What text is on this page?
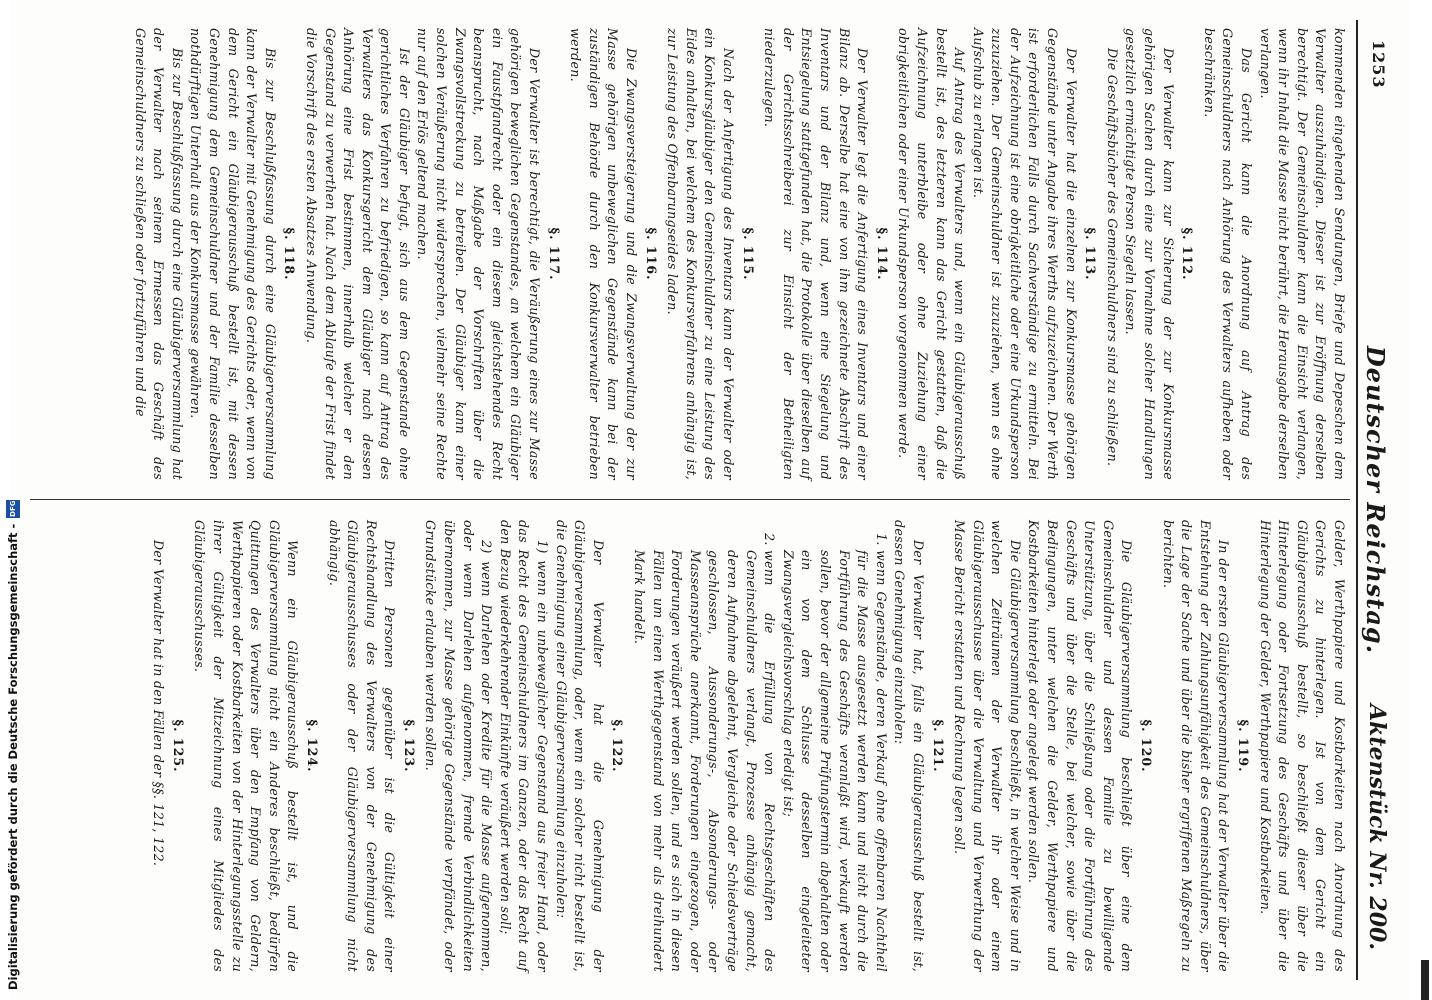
1253
Deutscher Reichstag.
Aktenstück Nr. 200.

kommenden eingehenden Sendungen, Briefe und Depeschen dem Verwalter auszuhändigen. Dieser ist zur Eröffnung derselben berechtigt. Der Gemeinschuldner kann die Einsicht verlangen, wenn ihr Inhalt die Masse nicht berührt, die Herausgabe derselben verlangen.

Das Gericht kann die Anordnung auf Antrag des Gemeinschuldners nach Anhörung des Verwalters aufheben oder beschränken.

§. 112.

Der Verwalter kann zur Sicherung der zur Konkursmasse gehörigen Sachen durch eine zur Vornahme solcher Handlungen gesetzlich ermächtigte Person Siegeln lassen.

Die Geschäftsbücher des Gemeinschuldners sind zu schließen.

§. 113.

Der Verwalter hat die einzelnen zur Konkursmasse gehörigen Gegenstände unter Angabe ihres Werths aufzuzeichnen. Der Werth ist erforderlichen Falls durch Sachverständige zu ermitteln. Bei der Aufzeichnung ist eine obrigkeitliche oder eine Urkundsperson zuzuziehen. Der Gemeinschuldner ist zuzuziehen, wenn es ohne Aufschub zu erlangen ist.

Auf Antrag des Verwalters und, wenn ein Gläubigerausschuß bestellt ist, des letzteren kann das Gericht gestatten, daß die Aufzeichnung unterbleibe oder ohne Zuziehung einer obrigkeitlichen oder einer Urkundsperson vorgenommen werde.

§. 114.

Der Verwalter legt die Anfertigung eines Inventars und einer Bilanz ab. Derselbe hat eine von ihm gezeichnete Abschrift des Inventars und der Bilanz und, wenn eine Siegelung und Entsiegelung stattgefunden hat, die Protokolle über dieselben auf der Gerichtsschreiberei zur Einsicht der Betheiligten niederzulegen.

§. 115.

Nach der Anfertigung des Inventars kann der Verwalter oder ein Konkursgläubiger den Gemeinschuldner zu eine Leistung des Eides anhalten, bei welchem des Konkursverfahrens anhängig ist, zur Leistung des Offenbarungseides laden.

§. 116.

Die Zwangsversteigerung und die Zwangsverwaltung der zur Masse gehörigen unbeweglichen Gegenstände kann bei der zuständigen Behörde durch den Konkursverwalter betrieben werden.

§. 117.

Der Verwalter ist berechtigt, die Veräußerung eines zur Masse gehörigen beweglichen Gegenstandes, an welchem ein Gläubiger ein Faustpfandrecht oder ein diesem gleichstehendes Recht beansprucht, nach Maßgabe der Vorschriften über die Zwangsvollstreckung zu betreiben. Der Gläubiger kann einer solchen Veräußerung nicht widersprechen, vielmehr seine Rechte nur auf den Erlös geltend machen.

Ist der Gläubiger befugt, sich aus dem Gegenstande ohne gerichtliches Verfahren zu befriedigen, so kann auf Antrag des Verwalters das Konkursgericht dem Gläubiger nach dessen Anhörung eine Frist bestimmen, innerhalb welcher er den Gegenstand zu verwerthen hat. Nach dem Ablaufe der Frist findet die Vorschrift des ersten Absatzes Anwendung.

§. 118.

Bis zur Beschlußfassung durch eine Gläubigerversammlung kann der Verwalter mit Genehmigung des Gerichts oder, wenn von dem Gericht ein Gläubigerausschuß bestellt ist, mit dessen Genehmigung dem Gemeinschuldner und der Familie desselben nothdürftigen Unterhalt aus der Konkursmasse gewähren.

Bis zur Beschlußfassung durch eine Gläubigerversammlung hat der Verwalter nach seinem Ermessen das Geschäft des Gemeinschuldners zu schließen oder fortzuführen und die

Gelder, Werthpapiere und Kostbarkeiten nach Anordnung des Gerichts zu hinterlegen. Ist von dem Gericht ein Gläubigerausschuß bestellt, so beschließt dieser über die Hinterlegung oder Fortsetzung des Geschäfts und über die Hinterlegung der Gelder, Werthpapiere und Kostbarkeiten.

§. 119.

In der ersten Gläubigerversammlung hat der Verwalter über die Entstehung der Zahlungsunfähigkeit des Gemeinschuldners, über die Lage der Sache und über die bisher ergriffenen Maßregeln zu berichten.

§. 120.

Die Gläubigerversammlung beschließt über eine dem Gemeinschuldner und dessen Familie zu bewilligende Unterstützung, über die Schließung oder die Fortführung des Geschäfts und über die Stelle, bei welcher, sowie über die Bedingungen, unter welchen die Gelder, Werthpapiere und Kostbarkeiten hinterlegt oder angelegt werden sollen.

Die Gläubigerversammlung beschließt, in welcher Weise und in welchen Zeiträumen der Verwalter ihr oder einem Gläubigerausschusse über die Verwaltung und Verwerthung der Masse Bericht erstatten und Rechnung legen soll.

§. 121.

Der Verwalter hat, falls ein Gläubigerausschuß bestellt ist, dessen Genehmigung einzuholen:

1. wenn Gegenstände, deren Verkauf ohne offenbaren Nachtheil für die Masse ausgesetzt werden kann und nicht durch die Fortführung des Geschäfts veranlaßt wird, verkauft werden sollen, bevor der allgemeine Prüfungstermin abgehalten oder ein von dem Schlusse desselben eingeleiteter Zwangsvergleichsvorschlag erledigt ist;
2. wenn die Erfüllung von Rechtsgeschäften des Gemeinschuldners verlangt, Prozesse anhängig gemacht, deren Aufnahme abgelehnt, Vergleiche oder Schiedsverträge geschlossen, Aussonderungs-, Absonderungs- oder Masseansprüche anerkannt, Forderungen eingezogen, oder Forderungen veräußert werden sollen, und es sich in diesen Fällen um einen Werthgegenstand von mehr als dreihundert Mark handelt.

§. 122.

Der Verwalter hat die Genehmigung der Gläubigerversammlung, oder, wenn ein solcher nicht bestellt ist, die Genehmigung einer Gläubigerversammlung einzuholen:

1) wenn ein unbeweglicher Gegenstand aus freier Hand, oder das Recht des Gemeinschuldners im Ganzen, oder das Recht auf den Bezug wiederkehrender Einkünfte veräußert werden soll;

2) wenn Darlehen oder Kredite für die Masse aufgenommen, oder wenn Darlehen aufgenommen, fremde Verbindlichkeiten übernommen, zur Masse gehörige Gegenstände verpfändet, oder Grundstücke erlauben werden sollen.

§. 123.

Dritten Personen gegenüber ist die Gültigkeit einer Rechtshandlung des Verwalters von der Genehmigung des Gläubigerausschusses oder der Gläubigerversammlung nicht abhängig.

§. 124.

Wenn ein Gläubigerausschuß bestellt ist, und die Gläubigerversammlung nicht ein Anderes beschließt, bedürfen Quittungen des Verwalters über den Empfang von Geldern, Werthpapieren oder Kostbarkeiten von der Hinterlegungsstelle zu ihrer Gültigkeit der Mitzeichnung eines Mitgliedes des Gläubigerausschusses.

§. 125.

Der Verwalter hat in den Fällen der §§. 121, 122.

Digitalisierung gefördert durch die Deutsche Forschungsgemeinschaft -
DFG
